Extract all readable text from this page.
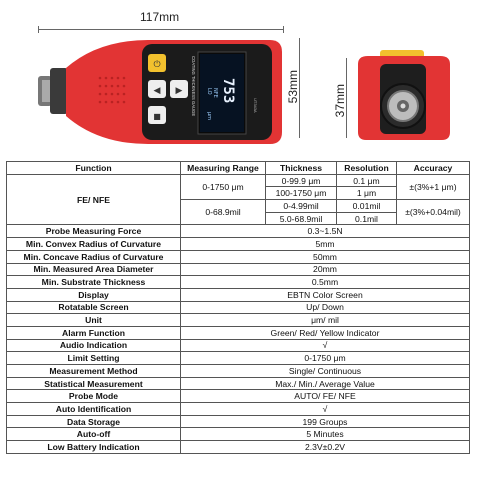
117mm
53mm	37mm
⏻
◀ ▶
■
753
LO NFE
μm
COATING THICKNESS GAUGE	UT343A
Function	Measuring Range	Thickness	Resolution	Accuracy
FE/ NFE	0-1750 μm	0-99.9 μm	0.1 μm	±(3%+1 μm)
		100-1750 μm	1 μm	
	0-68.9mil	0-4.99mil	0.01mil	±(3%+0.04mil)
		5.0-68.9mil	0.1mil	
Probe Measuring Force	0.3~1.5N			
Min. Convex Radius of Curvature	5mm			
Min. Concave Radius of Curvature	50mm			
Min. Measured Area Diameter	20mm			
Min. Substrate Thickness	0.5mm			
Display	EBTN Color Screen			
Rotatable Screen	Up/ Down			
Unit	μm/ mil			
Alarm Function	Green/ Red/ Yellow Indicator			
Audio Indication	√			
Limit Setting	0-1750 μm			
Measurement Method	Single/ Continuous			
Statistical Measurement	Max./ Min./ Average Value			
Probe Mode	AUTO/ FE/ NFE			
Auto Identification	√			
Data Storage	199 Groups			
Auto-off	5 Minutes			
Low Battery Indication	2.3V±0.2V			
